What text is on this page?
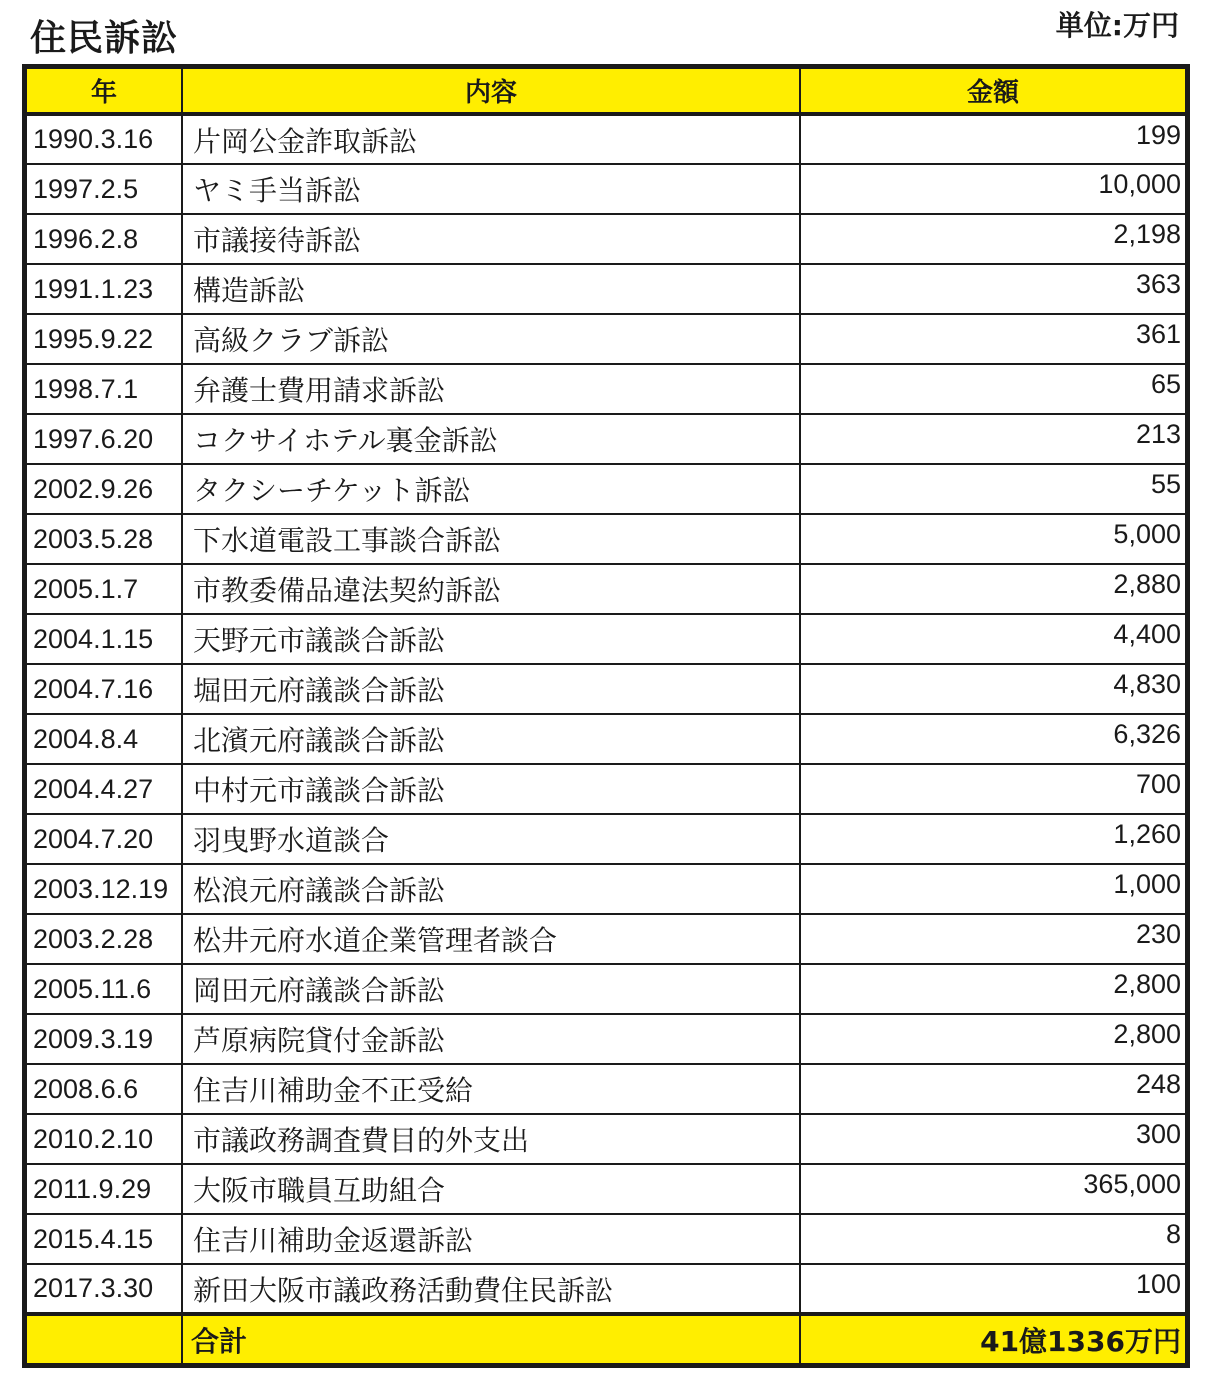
住民訴訟	単位:万円
年	内容	金額
1990.3.16	片岡公金詐取訴訟	199
1997.2.5	ヤミ手当訴訟	10,000
1996.2.8	市議接待訴訟	2,198
1991.1.23	構造訴訟	363
1995.9.22	高級クラブ訴訟	361
1998.7.1	弁護士費用請求訴訟	65
1997.6.20	コクサイホテル裏金訴訟	213
2002.9.26	タクシーチケット訴訟	55
2003.5.28	下水道電設工事談合訴訟	5,000
2005.1.7	市教委備品違法契約訴訟	2,880
2004.1.15	天野元市議談合訴訟	4,400
2004.7.16	堀田元府議談合訴訟	4,830
2004.8.4	北濱元府議談合訴訟	6,326
2004.4.27	中村元市議談合訴訟	700
2004.7.20	羽曳野水道談合	1,260
2003.12.19	松浪元府議談合訴訟	1,000
2003.2.28	松井元府水道企業管理者談合	230
2005.11.6	岡田元府議談合訴訟	2,800
2009.3.19	芦原病院貸付金訴訟	2,800
2008.6.6	住吉川補助金不正受給	248
2010.2.10	市議政務調査費目的外支出	300
2011.9.29	大阪市職員互助組合	365,000
2015.4.15	住吉川補助金返還訴訟	8
2017.3.30	新田大阪市議政務活動費住民訴訟	100
	合計	41億1336万円
